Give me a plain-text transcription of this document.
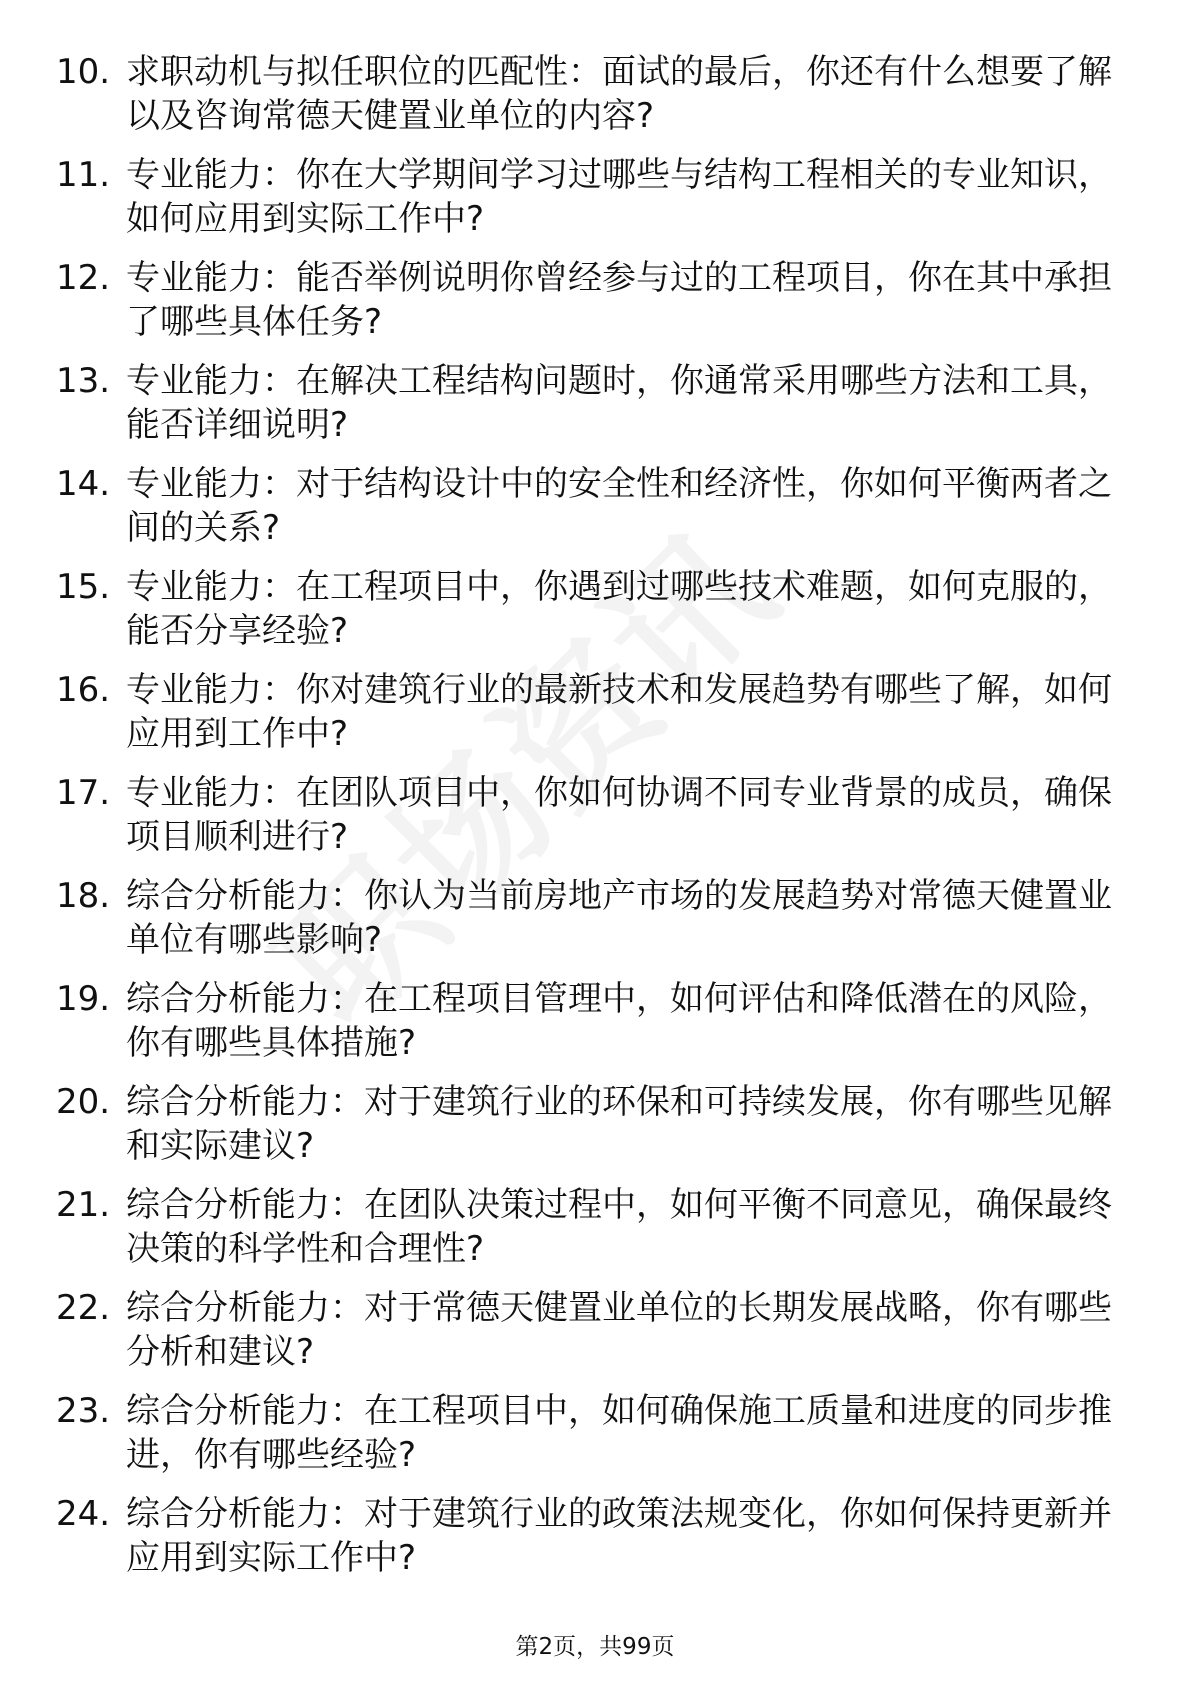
10. 求职动机与拟任职位的匹配性：面试的最后，你还有什么想要了解以及咨询常德天健置业单位的内容?
11. 专业能力：你在大学期间学习过哪些与结构工程相关的专业知识，如何应用到实际工作中?
12. 专业能力：能否举例说明你曾经参与过的工程项目，你在其中承担了哪些具体任务?
13. 专业能力：在解决工程结构问题时，你通常采用哪些方法和工具，能否详细说明?
14. 专业能力：对于结构设计中的安全性和经济性，你如何平衡两者之间的关系?
15. 专业能力：在工程项目中，你遇到过哪些技术难题，如何克服的，能否分享经验?
16. 专业能力：你对建筑行业的最新技术和发展趋势有哪些了解，如何应用到工作中?
17. 专业能力：在团队项目中，你如何协调不同专业背景的成员，确保项目顺利进行?
18. 综合分析能力：你认为当前房地产市场的发展趋势对常德天健置业单位有哪些影响?
19. 综合分析能力：在工程项目管理中，如何评估和降低潜在的风险，你有哪些具体措施?
20. 综合分析能力：对于建筑行业的环保和可持续发展，你有哪些见解和实际建议?
21. 综合分析能力：在团队决策过程中，如何平衡不同意见，确保最终决策的科学性和合理性?
22. 综合分析能力：对于常德天健置业单位的长期发展战略，你有哪些分析和建议?
23. 综合分析能力：在工程项目中，如何确保施工质量和进度的同步推进，你有哪些经验?
24. 综合分析能力：对于建筑行业的政策法规变化，你如何保持更新并应用到实际工作中?
第2页，共99页
